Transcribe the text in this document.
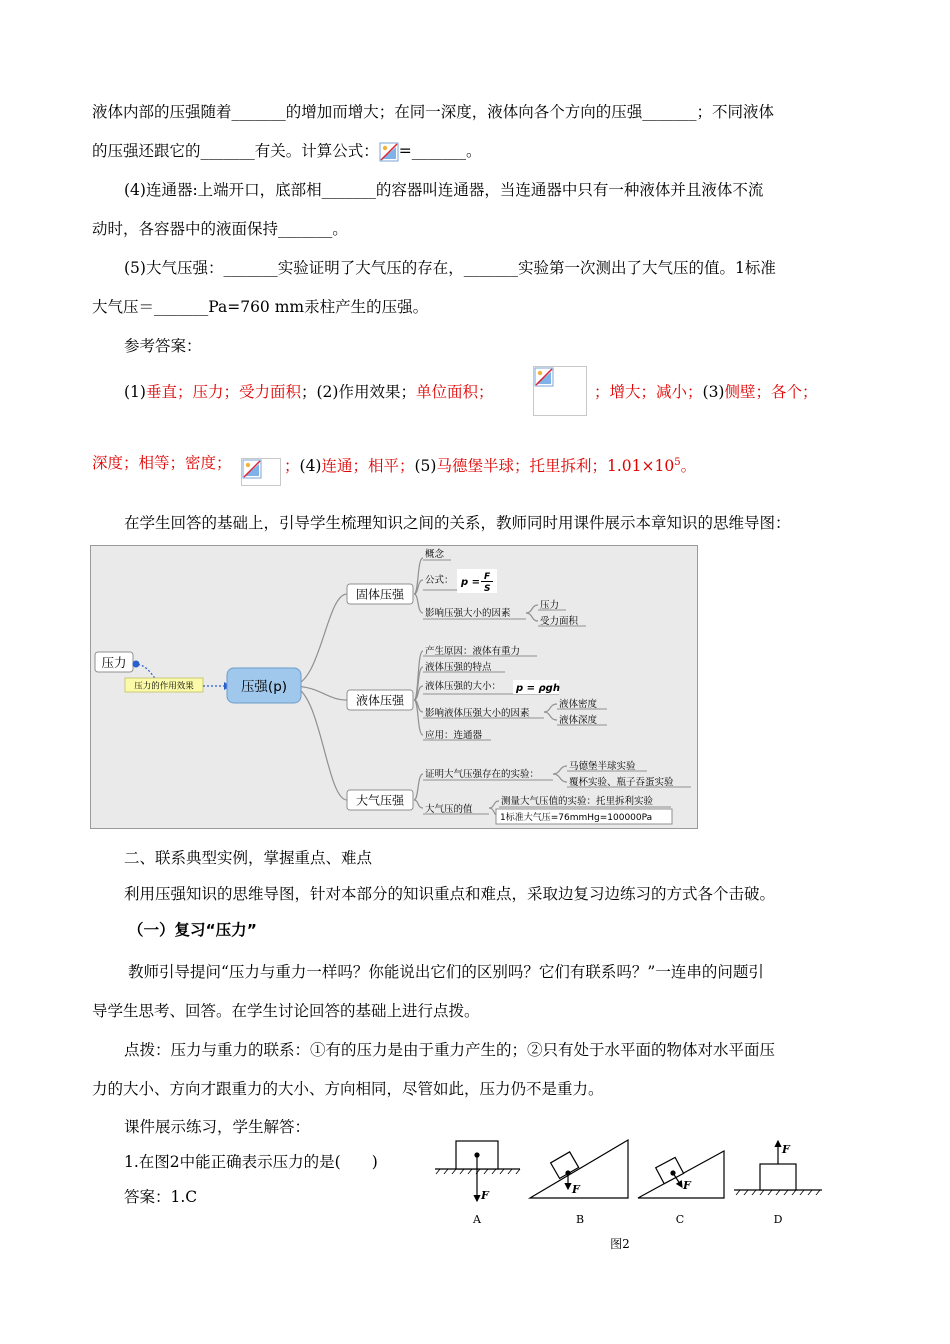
液体内部的压强随着_______的增加而增大；在同一深度，液体向各个方向的压强_______；不同液体
的压强还跟它的_______有关。计算公式： =_______。
(4)连通器:上端开口，底部相_______的容器叫连通器，当连通器中只有一种液体并且液体不流
动时，各容器中的液面保持_______。
(5)大气压强：_______实验证明了大气压的存在，_______实验第一次测出了大气压的值。1标准
大气压＝_______Pa=760 mm汞柱产生的压强。
参考答案：
(1)垂直；压力；受力面积；(2)作用效果；单位面积；	；增大；减小；(3)侧壁；各个；
深度；相等；密度；	；(4)连通；相平；(5)马德堡半球；托里拆利；$1.01\times 10^5$。
在学生回答的基础上，引导学生梳理知识之间的关系，教师同时用课件展示本章知识的思维导图：
压力
压力的作用效果	压强(p)
固体压强
液体压强
大气压强
概念
公式：
影响压强大小的因素
压力
受力面积
产生原因：液体有重力
液体压强的特点
液体压强的大小：
影响液体压强大小的因素
应用：连通器
液体密度
液体深度
证明大气压强存在的实验：
大气压的值
马德堡半球实验
覆杯实验、瓶子吞蛋实验
测量大气压值的实验：托里拆利实验
1标准大气压=76mmHg=100000Pa
p = F
S
p = ρgh
二、联系典型实例，掌握重点、难点
利用压强知识的思维导图，针对本部分的知识重点和难点，采取边复习边练习的方式各个击破。
（一）复习“压力”
教师引导提问“压力与重力一样吗？你能说出它们的区别吗？它们有联系吗？”一连串的问题引
导学生思考、回答。在学生讨论回答的基础上进行点拨。
点拨：压力与重力的联系：①有的压力是由于重力产生的；②只有处于水平面的物体对水平面压
力的大小、方向才跟重力的大小、方向相同，尽管如此，压力仍不是重力。
课件展示练习，学生解答：
1.在图2中能正确表示压力的是(　　)
答案：1.C	F	F	F
F
A	B	C	D
图2
